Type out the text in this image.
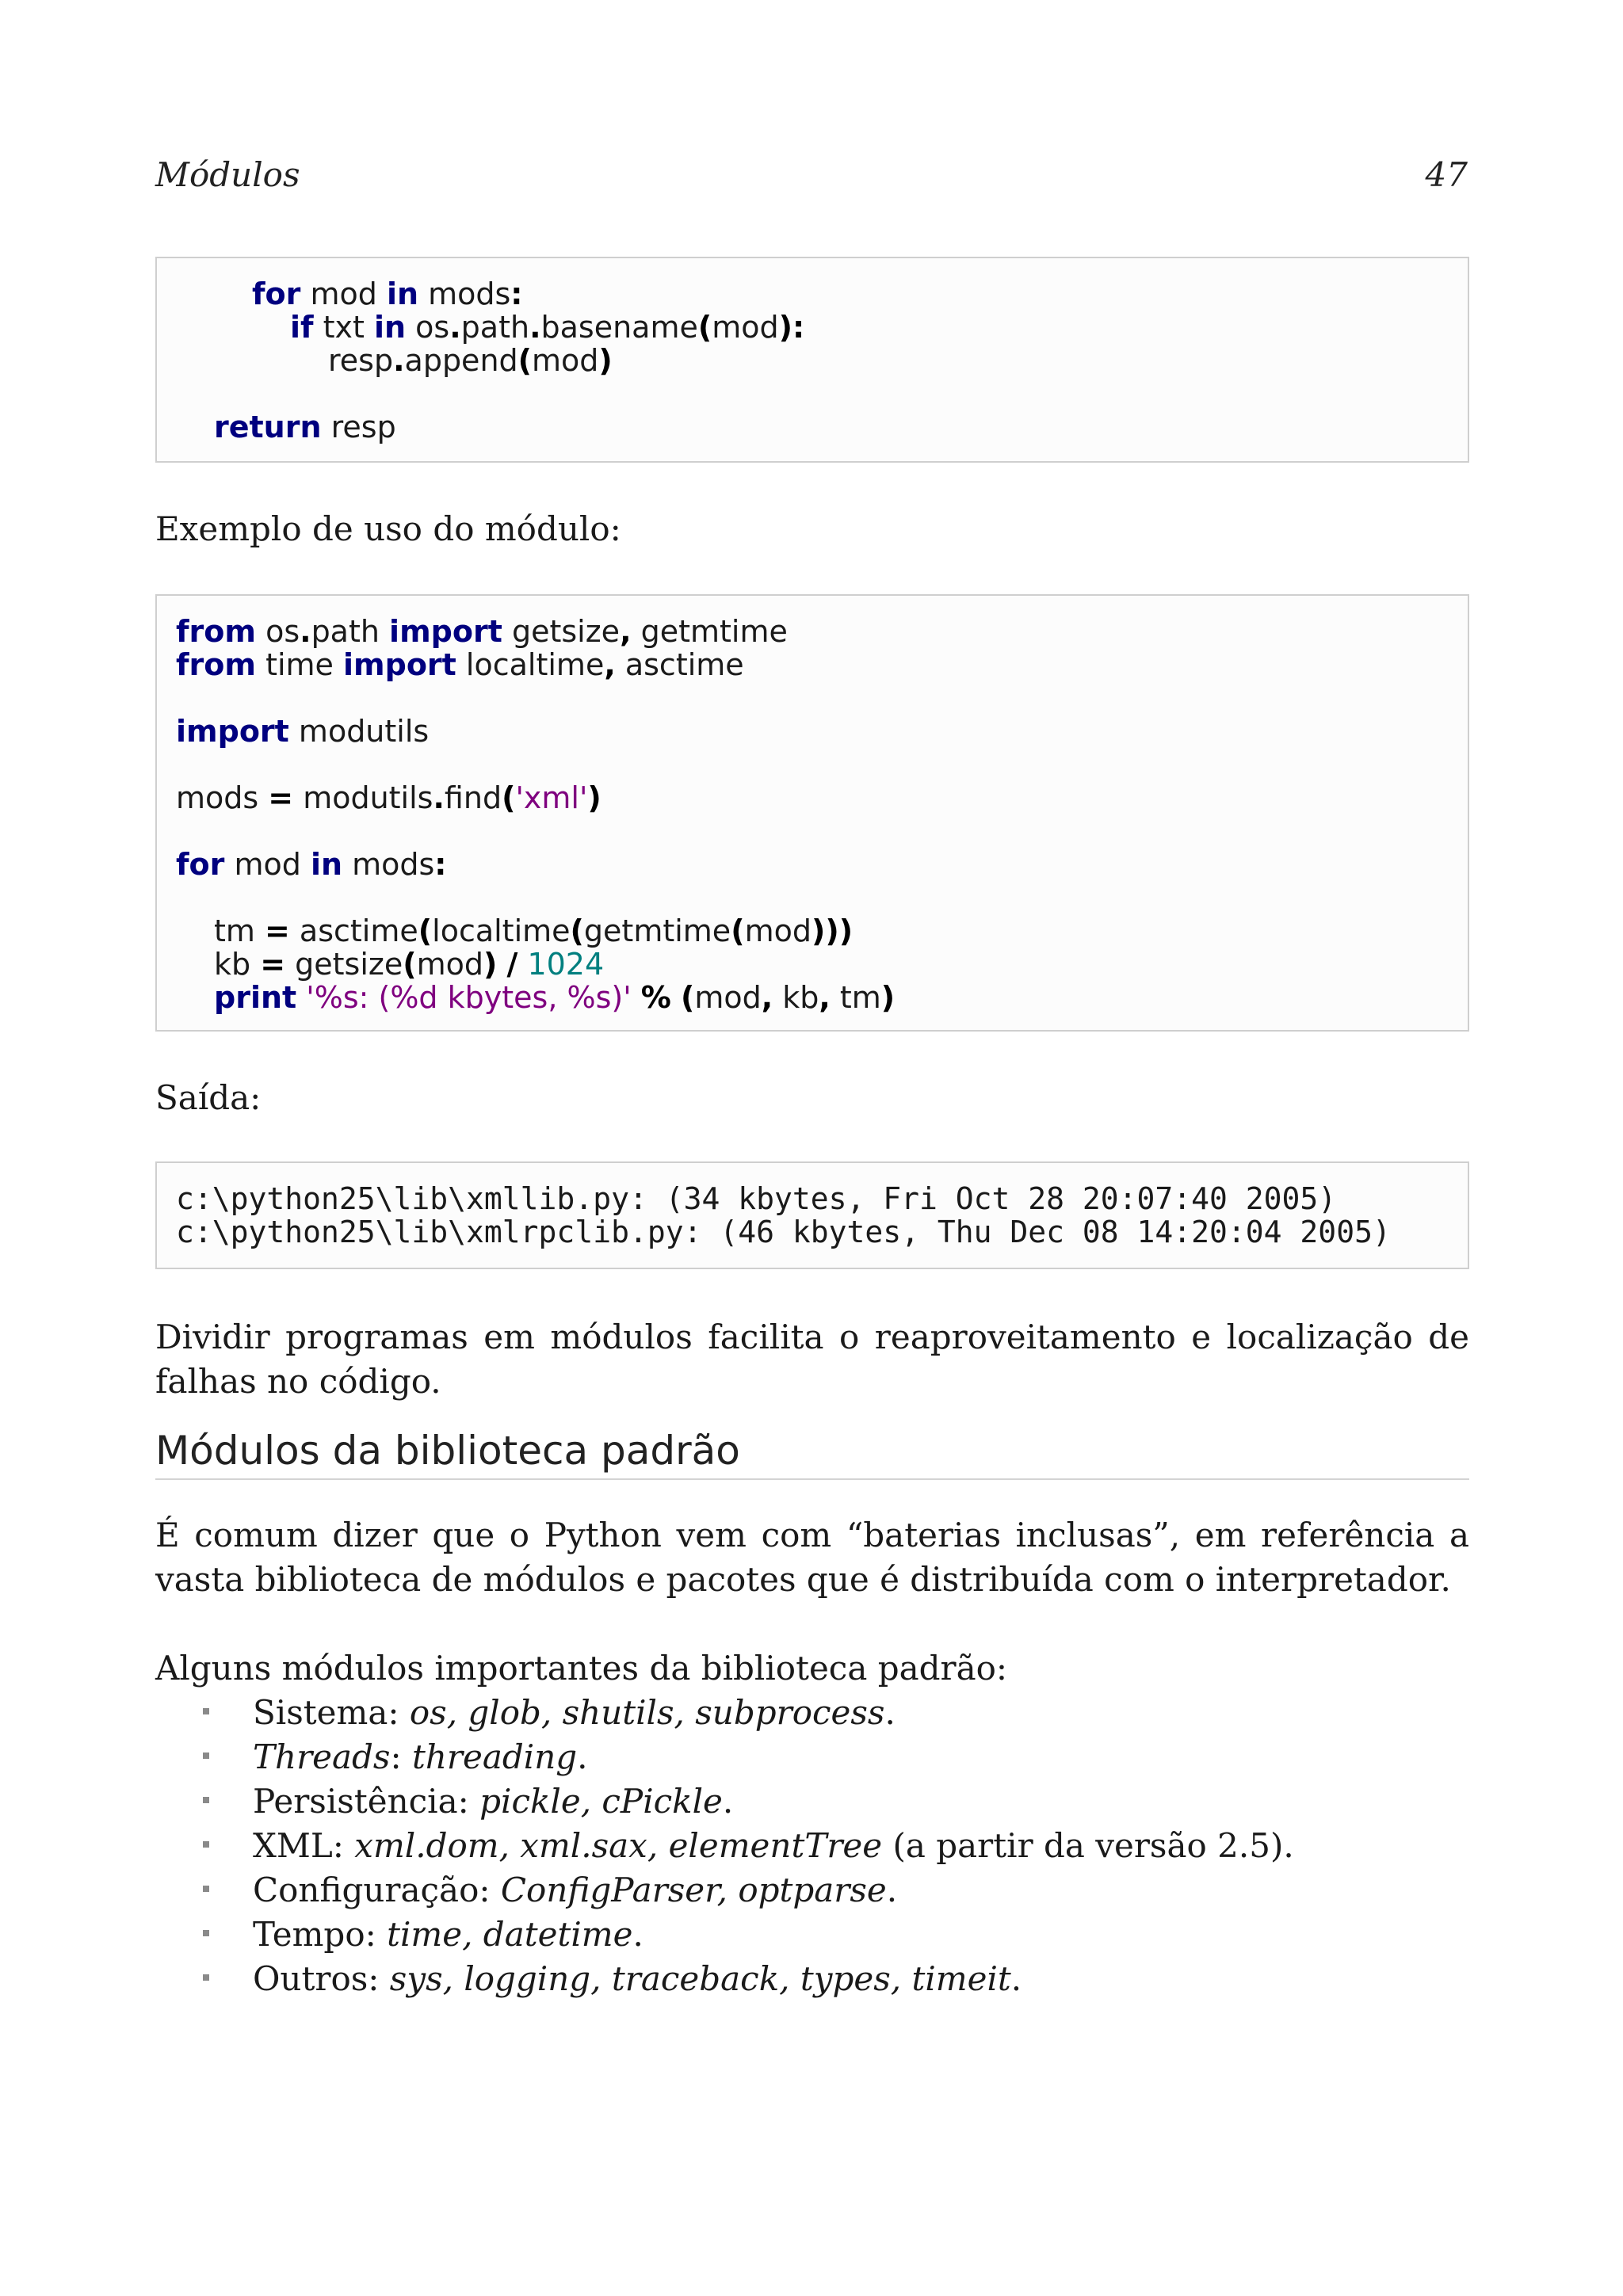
Módulos	47
for mod in mods:
if txt in os.path.basename(mod):
resp.append(mod)
return resp
Exemplo de uso do módulo:
from os.path import getsize, getmtime
from time import localtime, asctime
import modutils
mods = modutils.find('xml')
for mod in mods:
tm = asctime(localtime(getmtime(mod)))
kb = getsize(mod) / 1024
print '%s: (%d kbytes, %s)' % (mod, kb, tm)
Saída:
c:\python25\lib\xmllib.py: (34 kbytes, Fri Oct 28 20:07:40 2005)
c:\python25\lib\xmlrpclib.py: (46 kbytes, Thu Dec 08 14:20:04 2005)
Dividir programas em módulos facilita o reaproveitamento e localização de falhas no código.
Módulos da biblioteca padrão
É comum dizer que o Python vem com “baterias inclusas”, em referência a vasta biblioteca de módulos e pacotes que é distribuída com o interpretador.
Alguns módulos importantes da biblioteca padrão:
Sistema: os, glob, shutils, subprocess.
Threads: threading.
Persistência: pickle, cPickle.
XML: xml.dom, xml.sax, elementTree (a partir da versão 2.5).
Configuração: ConfigParser, optparse.
Tempo: time, datetime.
Outros: sys, logging, traceback, types, timeit.
